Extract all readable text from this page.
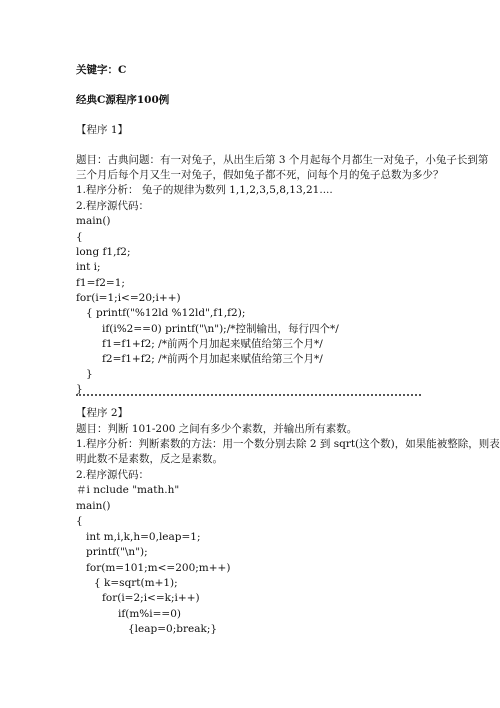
关键字：C
经典C源程序100例
【程序 1】
题目：古典问题：有一对兔子，从出生后第 3 个月起每个月都生一对兔子，小兔子长到第
三个月后每个月又生一对兔子，假如兔子都不死，问每个月的兔子总数为多少？
1.程序分析： 兔子的规律为数列 1,1,2,3,5,8,13,21....
2.程序源代码：
main()
{
long f1,f2;
int i;
f1=f2=1;
for(i=1;i<=20;i++)
{ printf("%12ld %12ld",f1,f2);
if(i%2==0) printf("\n");/*控制输出，每行四个*/
f1=f1+f2; /*前两个月加起来赋值给第三个月*/
f2=f1+f2; /*前两个月加起来赋值给第三个月*/
}
}
【程序 2】
题目：判断 101-200 之间有多少个素数，并输出所有素数。
1.程序分析：判断素数的方法：用一个数分别去除 2 到 sqrt(这个数)，如果能被整除，则表
明此数不是素数，反之是素数。
2.程序源代码：
＃i nclude "math.h"
main()
{
int m,i,k,h=0,leap=1;
printf("\n");
for(m=101;m<=200;m++)
{ k=sqrt(m+1);
for(i=2;i<=k;i++)
if(m%i==0)
{leap=0;break;}
